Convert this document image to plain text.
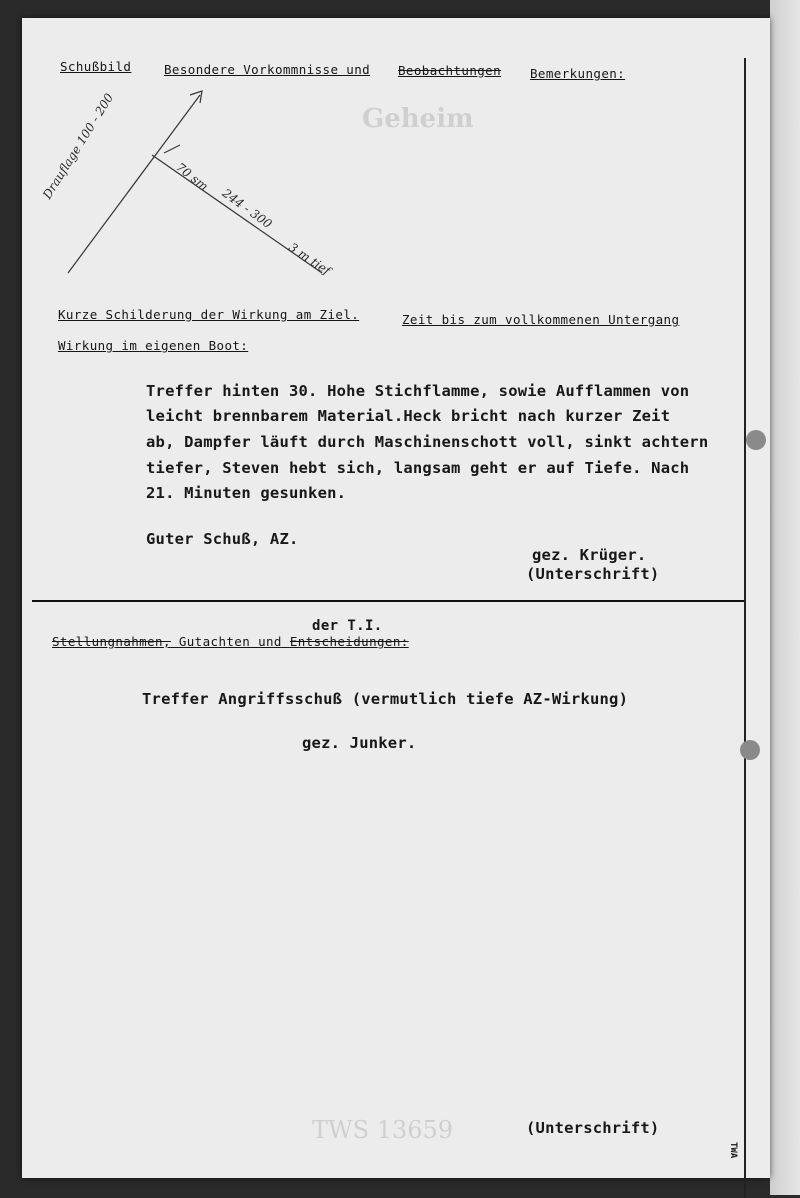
Geheim
TWS 13659
Schußbild	Besondere Vorkommnisse und Beobachtungen Bemerkungen:
Drauflage 100 - 200	70 sm
244 - 300
3 m tief
Kurze Schilderung der Wirkung am Ziel.	Zeit bis zum vollkommenen Untergang
Wirkung im eigenen Boot:
Treffer hinten 30. Hohe Stichflamme, sowie Aufflammen von
leicht brennbarem Material.Heck bricht nach kurzer Zeit
ab, Dampfer läuft durch Maschinenschott voll, sinkt achtern
tiefer, Steven hebt sich, langsam geht er auf Tiefe. Nach
21. Minuten gesunken.
Guter Schuß, AZ.
gez. Krüger.
(Unterschrift)
der T.I.
Stellungnahmen, Gutachten und Entscheidungen:
Treffer Angriffsschuß (vermutlich tiefe AZ-Wirkung)
gez. Junker.
(Unterschrift)
TWA
